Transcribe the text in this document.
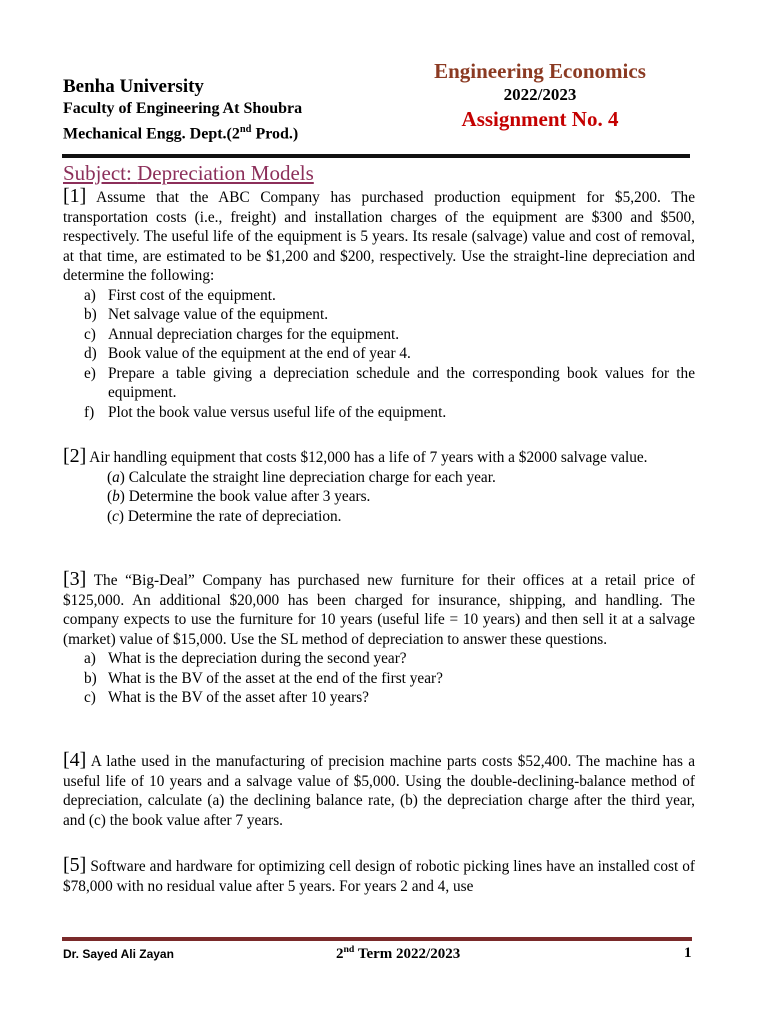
Benha University
Faculty of Engineering At Shoubra
Mechanical Engg. Dept.(2nd Prod.)
Engineering Economics
2022/2023
Assignment No. 4
Subject: Depreciation Models
[1] Assume that the ABC Company has purchased production equipment for $5,200. The transportation costs (i.e., freight) and installation charges of the equipment are $300 and $500, respectively. The useful life of the equipment is 5 years. Its resale (salvage) value and cost of removal, at that time, are estimated to be $1,200 and $200, respectively. Use the straight-line depreciation and determine the following:
a) First cost of the equipment.
b) Net salvage value of the equipment.
c) Annual depreciation charges for the equipment.
d) Book value of the equipment at the end of year 4.
e) Prepare a table giving a depreciation schedule and the corresponding book values for the equipment.
f) Plot the book value versus useful life of the equipment.
[2] Air handling equipment that costs $12,000 has a life of 7 years with a $2000 salvage value.
(a) Calculate the straight line depreciation charge for each year.
(b) Determine the book value after 3 years.
(c) Determine the rate of depreciation.
[3] The “Big-Deal” Company has purchased new furniture for their offices at a retail price of $125,000. An additional $20,000 has been charged for insurance, shipping, and handling. The company expects to use the furniture for 10 years (useful life = 10 years) and then sell it at a salvage (market) value of $15,000. Use the SL method of depreciation to answer these questions.
a) What is the depreciation during the second year?
b) What is the BV of the asset at the end of the first year?
c) What is the BV of the asset after 10 years?
[4] A lathe used in the manufacturing of precision machine parts costs $52,400. The machine has a useful life of 10 years and a salvage value of $5,000. Using the double-declining-balance method of depreciation, calculate (a) the declining balance rate, (b) the depreciation charge after the third year, and (c) the book value after 7 years.
[5] Software and hardware for optimizing cell design of robotic picking lines have an installed cost of $78,000 with no residual value after 5 years. For years 2 and 4, use
Dr. Sayed Ali Zayan	2nd Term 2022/2023	1
